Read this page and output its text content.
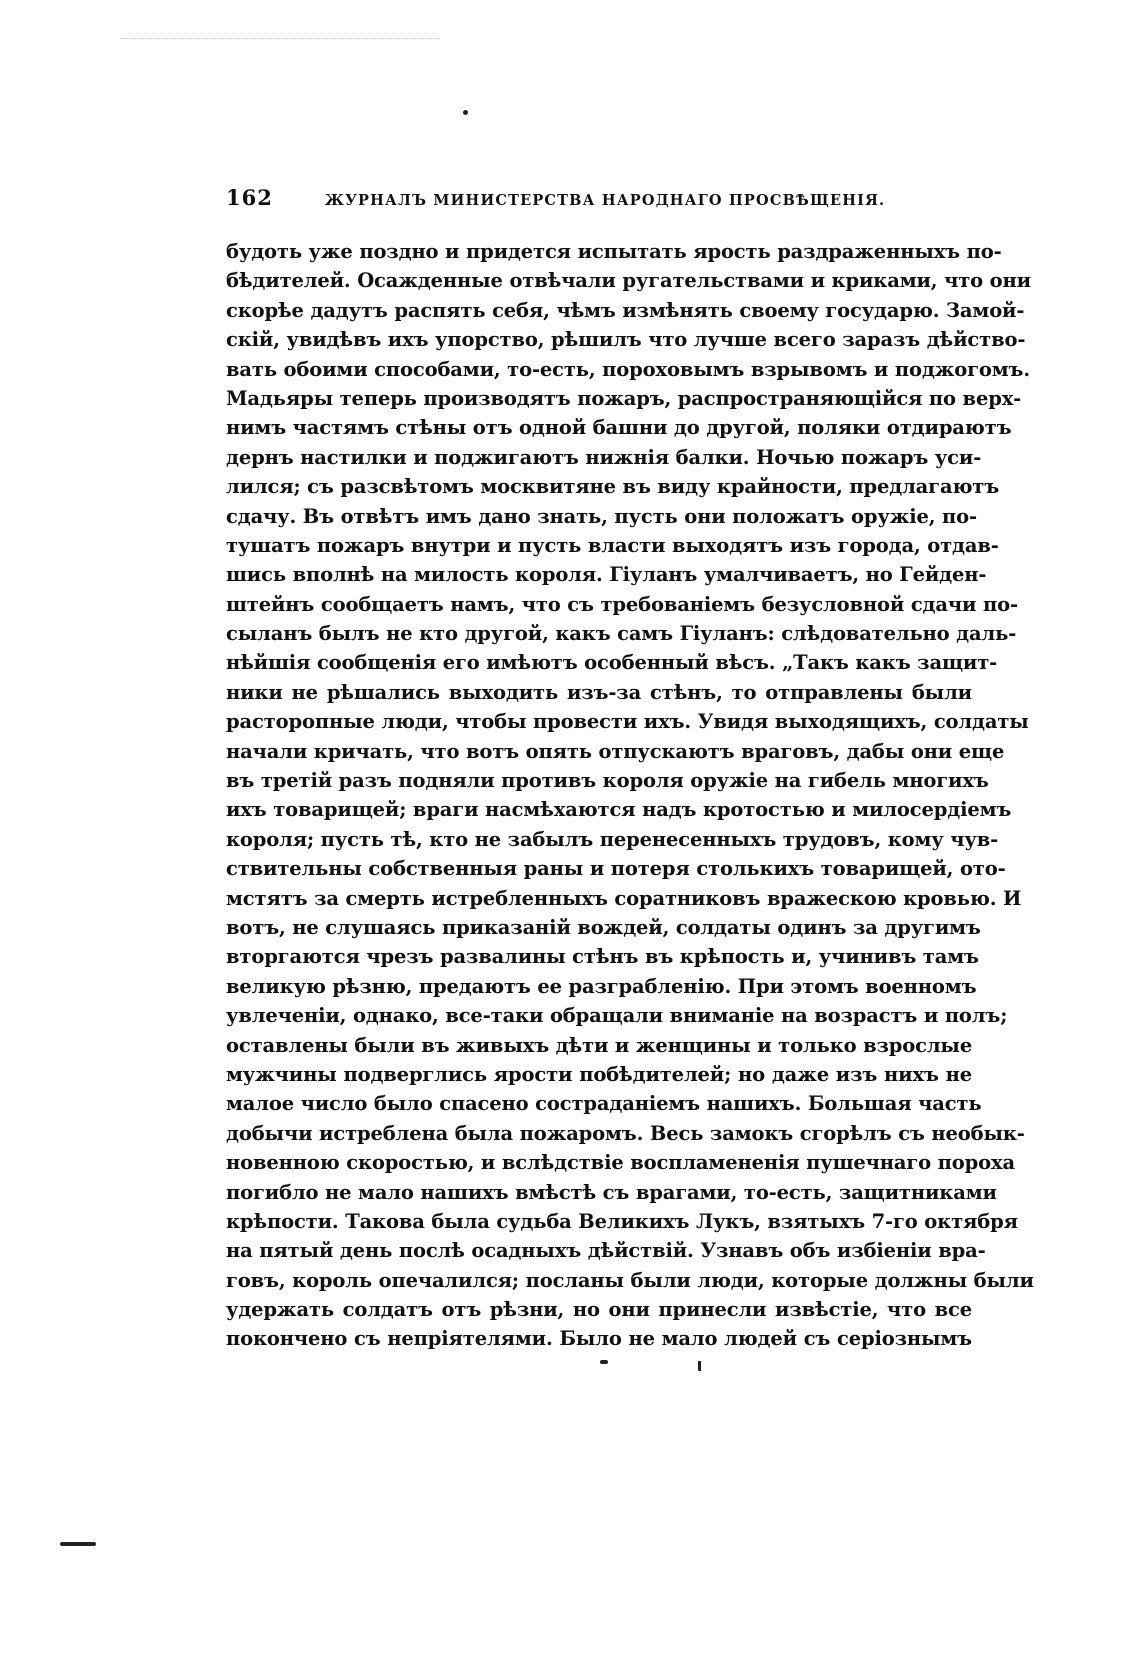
162	ЖУРНАЛЪ МИНИСТЕРСТВА НАРОДНАГО ПРОСВѢЩЕНІЯ.
будоть уже поздно и придется испытать ярость раздраженныхъ по-
бѣдителей. Осажденные отвѣчали ругательствами и криками, что они
скорѣе дадутъ распять себя, чѣмъ измѣнять своему государю. Замой-
скій, увидѣвъ ихъ упорство, рѣшилъ что лучше всего заразъ дѣйство-
вать обоими способами, то-есть, пороховымъ взрывомъ и поджогомъ.
Мадьяры теперь производятъ пожаръ, распространяющійся по верх-
нимъ частямъ стѣны отъ одной башни до другой, поляки отдираютъ
дернъ настилки и поджигаютъ нижнія балки. Ночью пожаръ уси-
лился; съ разсвѣтомъ москвитяне въ виду крайности, предлагаютъ
сдачу. Въ отвѣтъ имъ дано знать, пусть они положатъ оружіе, по-
тушатъ пожаръ внутри и пусть власти выходятъ изъ города, отдав-
шись вполнѣ на милость короля. Гіуланъ умалчиваетъ, но Гейден-
штейнъ сообщаетъ намъ, что съ требованіемъ безусловной сдачи по-
сыланъ былъ не кто другой, какъ самъ Гіуланъ: слѣдовательно даль-
нѣйшія сообщенія его имѣютъ особенный вѣсъ. „Такъ какъ защит-
ники не рѣшались выходить изъ-за стѣнъ, то отправлены были
расторопные люди, чтобы провести ихъ. Увидя выходящихъ, солдаты
начали кричать, что вотъ опять отпускаютъ враговъ, дабы они еще
въ третій разъ подняли противъ короля оружіе на гибель многихъ
ихъ товарищей; враги насмѣхаются надъ кротостью и милосердіемъ
короля; пусть тѣ, кто не забылъ перенесенныхъ трудовъ, кому чув-
ствительны собственныя раны и потеря столькихъ товарищей, ото-
мстятъ за смерть истребленныхъ соратниковъ вражескою кровью. И
вотъ, не слушаясь приказаній вождей, солдаты одинъ за другимъ
вторгаются чрезъ развалины стѣнъ въ крѣпость и, учинивъ тамъ
великую рѣзню, предаютъ ее разграбленію. При этомъ военномъ
увлеченіи, однако, все-таки обращали вниманіе на возрастъ и полъ;
оставлены были въ живыхъ дѣти и женщины и только взрослые
мужчины подверглись ярости побѣдителей; но даже изъ нихъ не
малое число было спасено состраданіемъ нашихъ. Большая часть
добычи истреблена была пожаромъ. Весь замокъ сгорѣлъ съ необык-
новенною скоростью, и вслѣдствіе воспламененія пушечнаго пороха
погибло не мало нашихъ вмѣстѣ съ врагами, то-есть, защитниками
крѣпости. Такова была судьба Великихъ Лукъ, взятыхъ 7-го октября
на пятый день послѣ осадныхъ дѣйствій. Узнавъ объ избіеніи вра-
говъ, король опечалился; посланы были люди, которые должны были
удержать солдатъ отъ рѣзни, но они принесли извѣстіе, что все
покончено съ непріятелями. Было не мало людей съ серіознымъ
